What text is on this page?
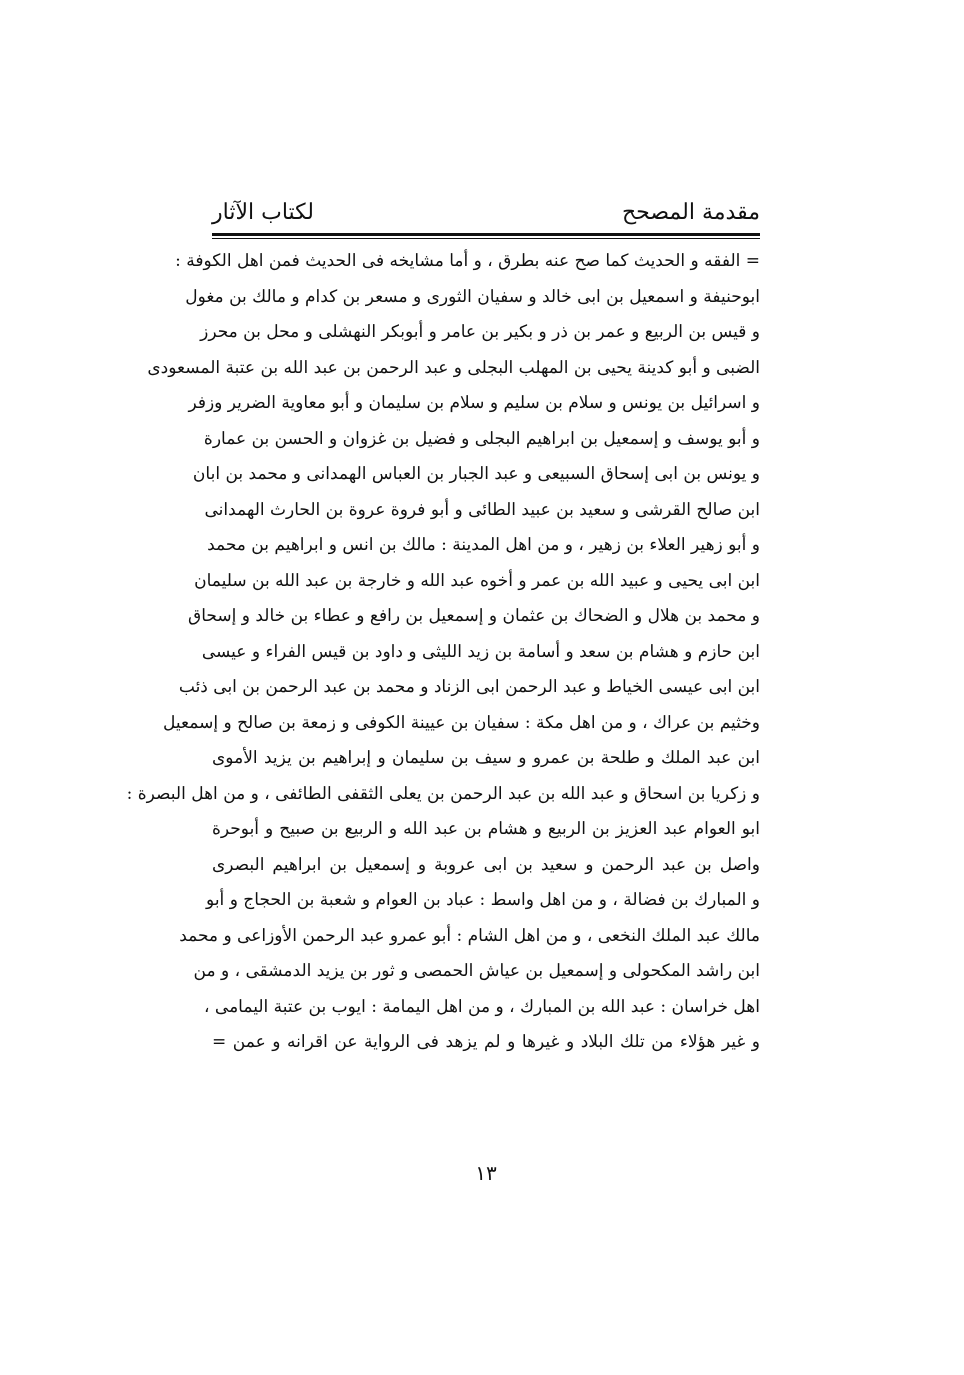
مقدمة المصحح
لكتاب الآثار
= الفقه و الحديث كما صح عنه بطرق ، و أما مشايخه فى الحديث فمن اهل الكوفة :
ابوحنيفة و اسمعيل بن ابى خالد و سفيان الثورى و مسعر بن كدام و مالك بن مغول
و قيس بن الربيع و عمر بن ذر و بكير بن عامر و أبوبكر النهشلى و محل بن محرز
الضبى و أبو كدينة يحيى بن المهلب البجلى و عبد الرحمن بن عبد الله بن عتبة المسعودى
و اسرائيل بن يونس و سلام بن سليم و سلام بن سليمان و أبو معاوية الضرير وزفر
و أبو يوسف و إسمعيل بن ابراهيم البجلى و فضيل بن غزوان و الحسن بن عمارة
و يونس بن ابى إسحاق السبيعى و عبد الجبار بن العباس الهمدانى و محمد بن ابان
ابن صالح القرشى و سعيد بن عبيد الطائى و أبو فروة عروة بن الحارث الهمدانى
و أبو زهير العلاء بن زهير ، و من اهل المدينة : مالك بن انس و ابراهيم بن محمد
ابن ابى يحيى و عبيد الله بن عمر و أخوه عبد الله و خارجة بن عبد الله بن سليمان
و محمد بن هلال و الضحاك بن عثمان و إسمعيل بن رافع و عطاء بن خالد و إسحاق
ابن حازم و هشام بن سعد و أسامة بن زيد الليثى و داود بن قيس الفراء و عيسى
ابن ابى عيسى الخياط و عبد الرحمن ابى الزناد و محمد بن عبد الرحمن بن ابى ذئب
وخثيم بن عراك ، و من اهل مكة : سفيان بن عيينة الكوفى و زمعة بن صالح و إسمعيل
ابن عبد الملك و طلحة بن عمرو و سيف بن سليمان و إبراهيم بن يزيد الأموى
و زكريا بن اسحاق و عبد الله بن عبد الرحمن بن يعلى الثقفى الطائفى ، و من اهل البصرة :
ابو العوام عبد العزيز بن الربيع و هشام بن عبد الله و الربيع بن صبيح و أبوحرة
واصل بن عبد الرحمن و سعيد بن ابى عروبة و إسمعيل بن ابراهيم البصرى
و المبارك بن فضالة ، و من اهل واسط : عباد بن العوام و شعبة بن الحجاج و أبو
مالك عبد الملك النخعى ، و من اهل الشام : أبو عمرو عبد الرحمن الأوزاعى و محمد
ابن راشد المكحولى و إسمعيل بن عياش الحمصى و ثور بن يزيد الدمشقى ، و من
اهل خراسان : عبد الله بن المبارك ، و من اهل اليمامة : ايوب بن عتبة اليمامى ،
و غير هؤلاء من تلك البلاد و غيرها و لم يزهد فى الرواية عن اقرانه و عمن =
١٣
